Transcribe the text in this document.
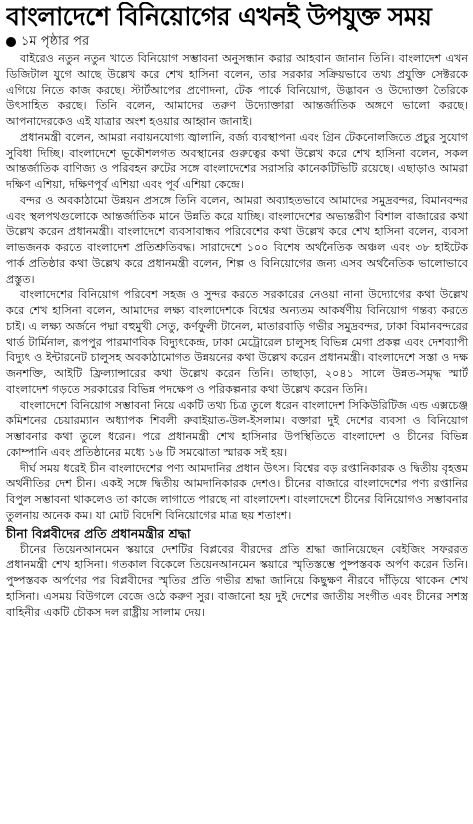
বাংলাদেশে বিনিয়োগের এখনই উপযুক্ত সময়
১ম পৃষ্ঠার পর

বাইরেও নতুন নতুন খাতে বিনিয়োগ সম্ভাবনা অনুসন্ধান করার আহবান জানান তিনি। বাংলাদেশ এখন ডিজিটাল যুগে আছে উল্লেখ করে শেখ হাসিনা বলেন, তার সরকার সক্রিয়ভাবে তথ্য প্রযুক্তি সেক্টরকে এগিয়ে নিতে কাজ করছে। স্টার্টআপের প্রণোদনা, টেক পার্কে বিনিয়োগ, উদ্ভাবন ও উদ্যোক্তা তৈরিকে উৎসাহিত করছে। তিনি বলেন, আমাদের তরুণ উদ্যোক্তারা আন্তর্জাতিক অঙ্গণে ভালো করছে। আপনাদেরকেও এই যাত্রার অংশ হওয়ার আহ্বান জানাই।

প্রধানমন্ত্রী বলেন, আমরা নবায়নযোগ্য জ্বালানি, বর্জ্য ব্যবস্থাপনা এবং গ্রিন টেকনোলজিতে প্রচুর সুযোগ সুবিধা দিচ্ছি। বাংলাদেশে ভূকৌশলগত অবস্থানের গুরুত্বের কথা উল্লেখ করে শেখ হাসিনা বলেন, সকল আন্তর্জাতিক বাণিজ্য ও পরিবহন রুটের সঙ্গে বাংলাদেশের সরাসরি কানেকটিভিটি রয়েছে। এছাড়াও আমরা দক্ষিণ এশিয়া, দক্ষিণপূর্ব এশিয়া এবং পূর্ব এশিয়া কেন্দ্রে।

বন্দর ও অবকাঠামো উন্নয়ন প্রসঙ্গে তিনি বলেন, আমরা অব্যাহতভাবে আমাদের সমুদ্রবন্দর, বিমানবন্দর এবং স্থলপথগুলোকে আন্তর্জাতিক মানে উন্নতি করে যাচ্ছি। বাংলাদেশের অভ্যন্তরীণ বিশাল বাজারের কথা উল্লেখ করেন প্রধানমন্ত্রী। বাংলাদেশে ব্যবসাবান্ধব পরিবেশের কথা উল্লেখ করে শেখ হাসিনা বলেন, ব্যবসা লাভজনক করতে বাংলাদেশ প্রতিশ্রুতিবদ্ধ। সারাদেশে ১০০ বিশেষ অর্থনৈতিক অঞ্চল এবং ৩৮ হাইটেক পার্ক প্রতিষ্ঠার কথা উল্লেখ করে প্রধানমন্ত্রী বলেন, শিল্প ও বিনিয়োগের জন্য এসব অর্থনৈতিক ভালোভাবে প্রস্তুত।

বাংলাদেশের বিনিয়োগ পরিবেশ সহজ ও সুন্দর করতে সরকারের নেওয়া নানা উদ্যোগের কথা উল্লেখ করে শেখ হাসিনা বলেন, আমাদের লক্ষ্য বাংলাদেশকে বিশ্বের অন্যতম আকর্ষণীয় বিনিয়োগ গন্তব্য করতে চাই। এ লক্ষ্য অর্জনে পদ্মা বহুমুখী সেতু, কর্ণফুলী টানেল, মাতারবাড়ি গভীর সমুদ্রবন্দর, ঢাকা বিমানবন্দরের থার্ড টার্মিনাল, রূপপুর পারমাণবিক বিদ্যুৎকেন্দ্র, ঢাকা মেট্রোরেল চালুসহ বিভিন্ন মেগা প্রকল্প এবং দেশব্যাপী বিদ্যুৎ ও ইন্টারনেট চালুসহ অবকাঠামোগত উন্নয়নের কথা উল্লেখ করেন প্রধানমন্ত্রী। বাংলাদেশে সস্তা ও দক্ষ জনশক্তি, আইটি ফ্রিল্যান্সারের কথা উল্লেখ করেন তিনি। তাছাড়া, ২০৪১ সালে উন্নত-সমৃদ্ধ স্মার্ট বাংলাদেশ গড়তে সরকারের বিভিন্ন পদক্ষেপ ও পরিকল্পনার কথা উল্লেখ করেন তিনি।

বাংলাদেশে বিনিয়োগ সম্ভাবনা নিয়ে একটি তথ্য চিত্র তুলে ধরেন বাংলাদেশ সিকিউরিটিজ এন্ড এক্সচেঞ্জ কমিশনের চেয়ারম্যান অধ্যাপক শিবলী রুবাইয়াত-উল-ইসলাম। বক্তারা দুই দেশের ব্যবসা ও বিনিয়োগ সম্ভাবনার কথা তুলে ধরেন। পরে প্রধানমন্ত্রী শেখ হাসিনার উপস্থিতিতে বাংলাদেশ ও চীনের বিভিন্ন কোম্পানি এবং প্রতিষ্ঠানের মধ্যে ১৬ টি সমঝোতা স্মারক সই হয়।

দীর্ঘ সময় ধরেই চীন বাংলাদেশের পণ্য আমদানির প্রধান উৎস। বিশ্বের বড় রপ্তানিকারক ও দ্বিতীয় বৃহত্তম অর্থনীতির দেশ চীন। একই সঙ্গে দ্বিতীয় আমদানিকারক দেশও। চীনের বাজারে বাংলাদেশের পণ্য রপ্তানির বিপুল সম্ভাবনা থাকলেও তা কাজে লাগাতে পারছে না বাংলাদেশ। বাংলাদেশে চীনের বিনিয়োগও সম্ভাবনার তুলনায় অনেক কম। যা মোট বিদেশি বিনিয়োগের মাত্র ছয় শতাংশ।

চীনা বিপ্লবীদের প্রতি প্রধানমন্ত্রীর শ্রদ্ধা

চীনের তিয়েনআনমেন স্কয়ারে দেশটির বিপ্লবের বীরদের প্রতি শ্রদ্ধা জানিয়েছেন বেইজিং সফররত প্রধানমন্ত্রী শেখ হাসিনা। গতকাল বিকেলে তিয়েনআনমেন স্কয়ারে স্মৃতিস্তম্ভে পুষ্পস্তবক অর্পণ করেন তিনি। পুষ্পস্তবক অর্পণের পর বিপ্লবীদের স্মৃতির প্রতি গভীর শ্রদ্ধা জানিয়ে কিছুক্ষণ নীরবে দাঁড়িয়ে থাকেন শেখ হাসিনা। এসময় বিউগলে বেজে ওঠে করুণ সুর। বাজানো হয় দুই দেশের জাতীয় সংগীত এবং চীনের সশস্ত্র বাহিনীর একটি চৌকস দল রাষ্ট্রীয় সালাম দেয়।
